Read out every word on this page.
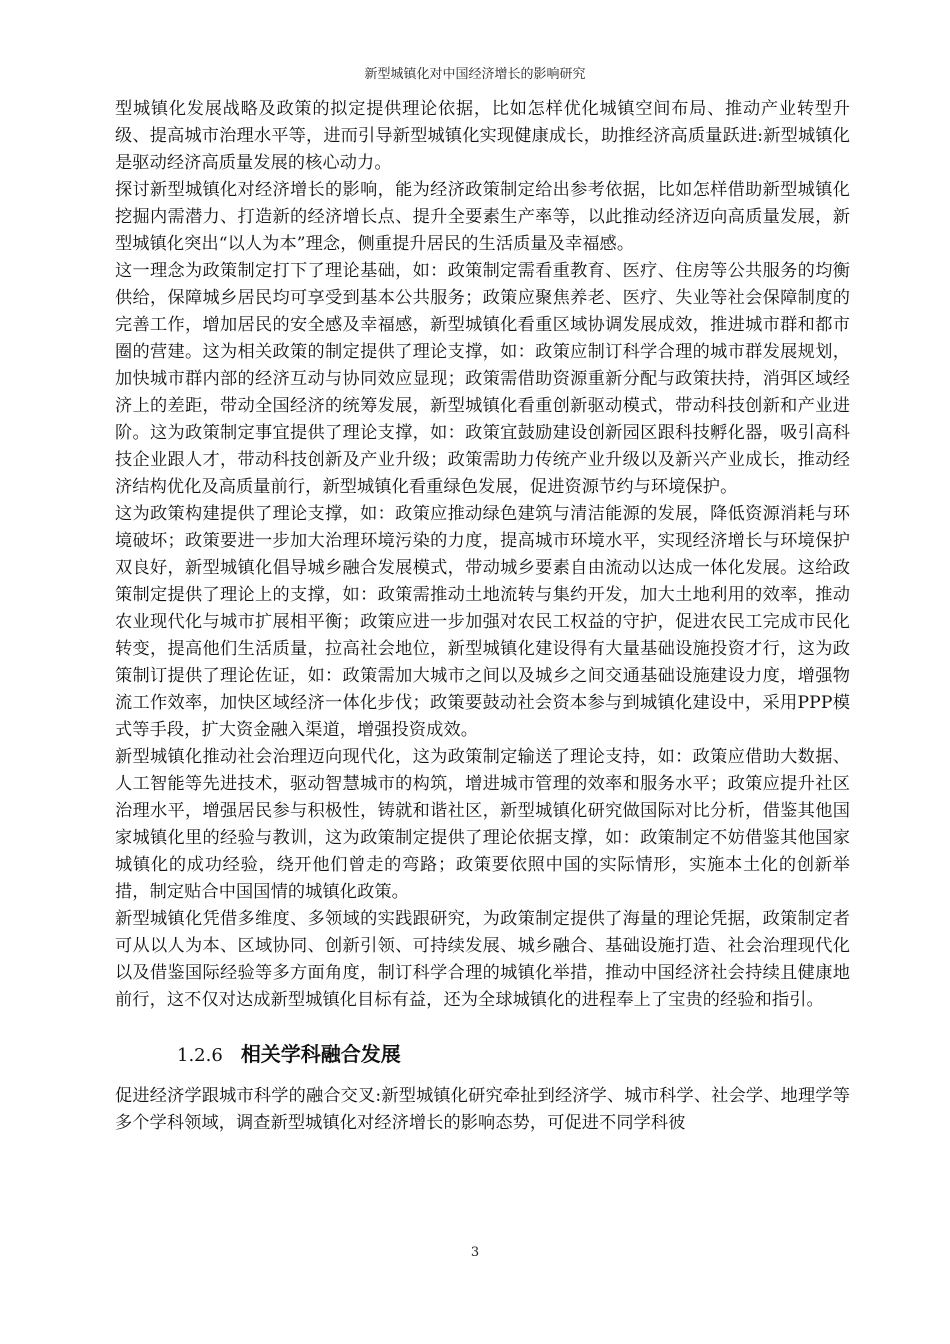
新型城镇化对中国经济增长的影响研究

型城镇化发展战略及政策的拟定提供理论依据，比如怎样优化城镇空间布局、推动产业转型升级、提高城市治理水平等，进而引导新型城镇化实现健康成长，助推经济高质量跃进:新型城镇化是驱动经济高质量发展的核心动力。

探讨新型城镇化对经济增长的影响，能为经济政策制定给出参考依据，比如怎样借助新型城镇化挖掘内需潜力、打造新的经济增长点、提升全要素生产率等，以此推动经济迈向高质量发展，新型城镇化突出“以人为本”理念，侧重提升居民的生活质量及幸福感。

这一理念为政策制定打下了理论基础，如：政策制定需看重教育、医疗、住房等公共服务的均衡供给，保障城乡居民均可享受到基本公共服务；政策应聚焦养老、医疗、失业等社会保障制度的完善工作，增加居民的安全感及幸福感，新型城镇化看重区域协调发展成效，推进城市群和都市圈的营建。这为相关政策的制定提供了理论支撑，如：政策应制订科学合理的城市群发展规划，加快城市群内部的经济互动与协同效应显现；政策需借助资源重新分配与政策扶持，消弭区域经济上的差距，带动全国经济的统筹发展，新型城镇化看重创新驱动模式，带动科技创新和产业进阶。这为政策制定事宜提供了理论支撑，如：政策宜鼓励建设创新园区跟科技孵化器，吸引高科技企业跟人才，带动科技创新及产业升级；政策需助力传统产业升级以及新兴产业成长，推动经济结构优化及高质量前行，新型城镇化看重绿色发展，促进资源节约与环境保护。

这为政策构建提供了理论支撑，如：政策应推动绿色建筑与清洁能源的发展，降低资源消耗与环境破坏；政策要进一步加大治理环境污染的力度，提高城市环境水平，实现经济增长与环境保护双良好，新型城镇化倡导城乡融合发展模式，带动城乡要素自由流动以达成一体化发展。这给政策制定提供了理论上的支撑，如：政策需推动土地流转与集约开发，加大土地利用的效率，推动农业现代化与城市扩展相平衡；政策应进一步加强对农民工权益的守护，促进农民工完成市民化转变，提高他们生活质量，拉高社会地位，新型城镇化建设得有大量基础设施投资才行，这为政策制订提供了理论佐证，如：政策需加大城市之间以及城乡之间交通基础设施建设力度，增强物流工作效率，加快区域经济一体化步伐；政策要鼓动社会资本参与到城镇化建设中，采用PPP模式等手段，扩大资金融入渠道，增强投资成效。

新型城镇化推动社会治理迈向现代化，这为政策制定输送了理论支持，如：政策应借助大数据、人工智能等先进技术，驱动智慧城市的构筑，增进城市管理的效率和服务水平；政策应提升社区治理水平，增强居民参与积极性，铸就和谐社区，新型城镇化研究做国际对比分析，借鉴其他国家城镇化里的经验与教训，这为政策制定提供了理论依据支撑，如：政策制定不妨借鉴其他国家城镇化的成功经验，绕开他们曾走的弯路；政策要依照中国的实际情形，实施本土化的创新举措，制定贴合中国国情的城镇化政策。

新型城镇化凭借多维度、多领域的实践跟研究，为政策制定提供了海量的理论凭据，政策制定者可从以人为本、区域协同、创新引领、可持续发展、城乡融合、基础设施打造、社会治理现代化以及借鉴国际经验等多方面角度，制订科学合理的城镇化举措，推动中国经济社会持续且健康地前行，这不仅对达成新型城镇化目标有益，还为全球城镇化的进程奉上了宝贵的经验和指引。

1.2.6 相关学科融合发展

促进经济学跟城市科学的融合交叉:新型城镇化研究牵扯到经济学、城市科学、社会学、地理学等多个学科领域，调查新型城镇化对经济增长的影响态势，可促进不同学科彼

3
